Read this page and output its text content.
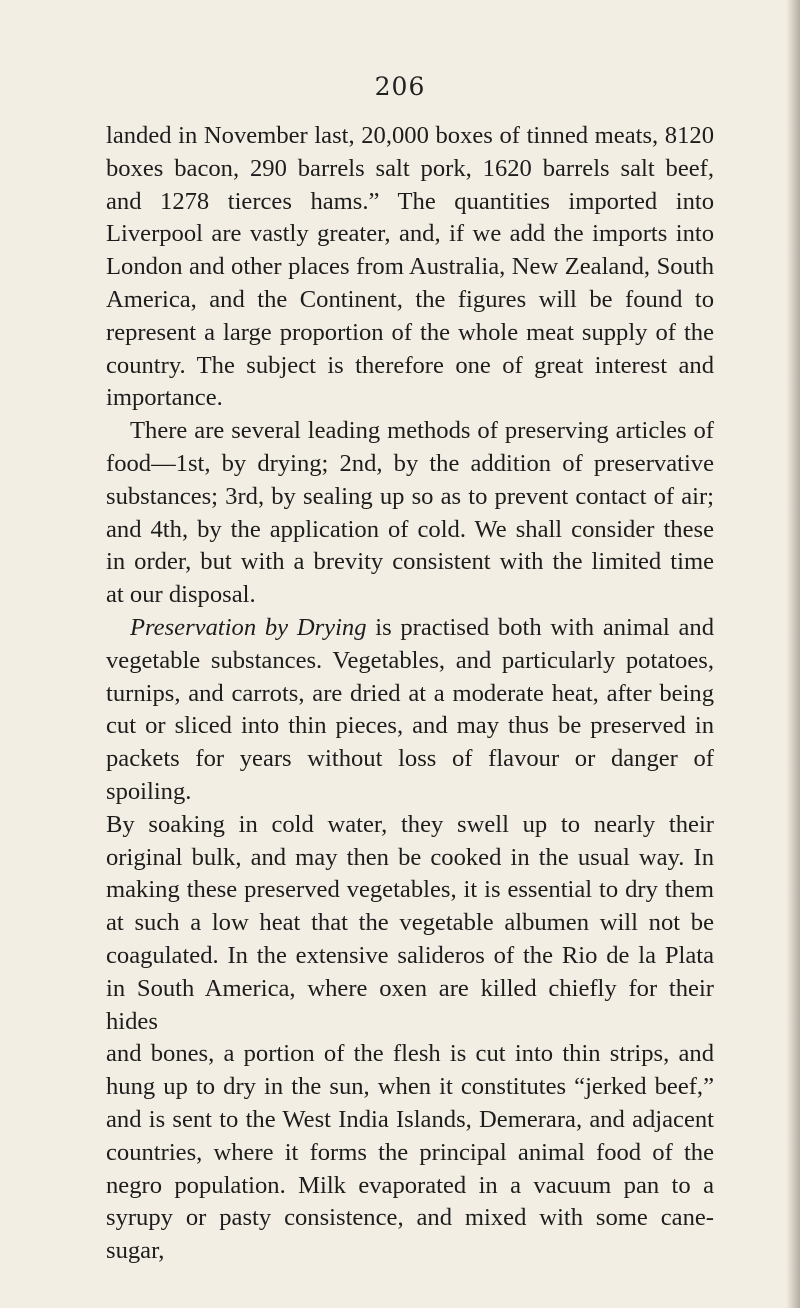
206

landed in November last, 20,000 boxes of tinned meats, 8120

boxes bacon, 290 barrels salt pork, 1620 barrels salt beef,

and 1278 tierces hams.” The quantities imported into

Liverpool are vastly greater, and, if we add the imports into

London and other places from Australia, New Zealand, South

America, and the Continent, the figures will be found to

represent a large proportion of the whole meat supply of the

country. The subject is therefore one of great interest and

importance.

There are several leading methods of preserving articles of

food—1st, by drying; 2nd, by the addition of preservative

substances; 3rd, by sealing up so as to prevent contact of air;

and 4th, by the application of cold. We shall consider these

in order, but with a brevity consistent with the limited time

at our disposal.

Preservation by Drying is practised both with animal and

vegetable substances. Vegetables, and particularly potatoes,

turnips, and carrots, are dried at a moderate heat, after being

cut or sliced into thin pieces, and may thus be preserved in

packets for years without loss of flavour or danger of spoiling.

By soaking in cold water, they swell up to nearly their

original bulk, and may then be cooked in the usual way. In

making these preserved vegetables, it is essential to dry them

at such a low heat that the vegetable albumen will not be

coagulated. In the extensive salideros of the Rio de la Plata

in South America, where oxen are killed chiefly for their hides

and bones, a portion of the flesh is cut into thin strips, and

hung up to dry in the sun, when it constitutes “jerked beef,”

and is sent to the West India Islands, Demerara, and adjacent

countries, where it forms the principal animal food of the

negro population. Milk evaporated in a vacuum pan to a

syrupy or pasty consistence, and mixed with some cane-sugar,
